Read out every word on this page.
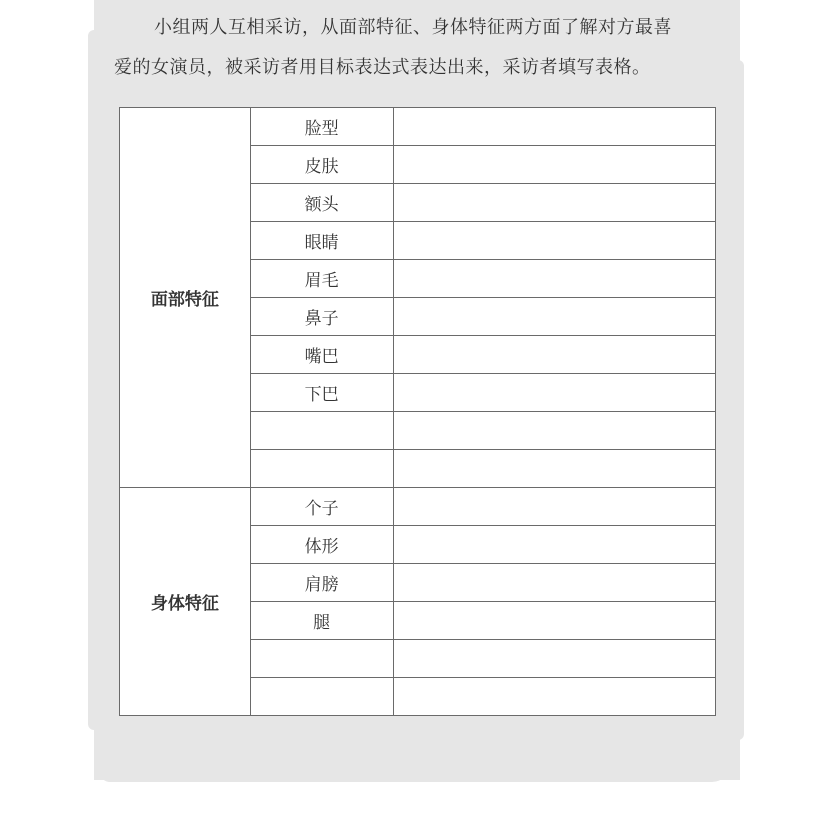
小组两人互相采访，从面部特征、身体特征两方面了解对方最喜
爱的女演员，被采访者用目标表达式表达出来，采访者填写表格。
面部特征	脸型	
	皮肤	
	额头	
	眼睛	
	眉毛	
	鼻子	
	嘴巴	
	下巴	

身体特征	个子	
	体形	
	肩膀	
	腿	
